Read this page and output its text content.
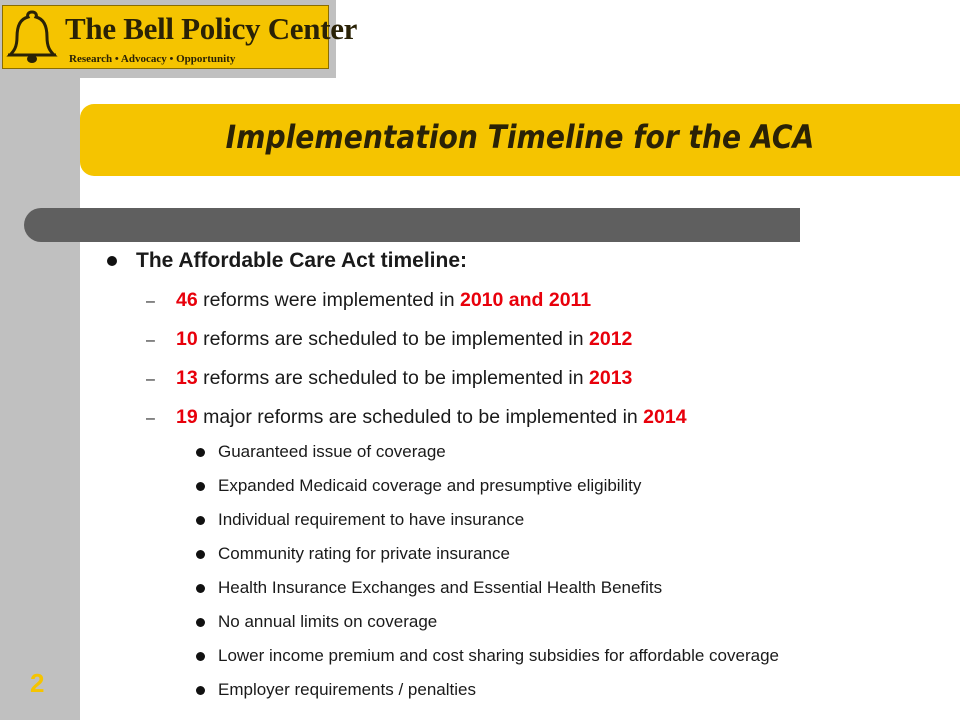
The Bell Policy Center
Research • Advocacy • Opportunity
Implementation Timeline for the ACA
The Affordable Care Act timeline:
– 46 reforms were implemented in 2010 and 2011
– 10 reforms are scheduled to be implemented in 2012
– 13 reforms are scheduled to be implemented in 2013
– 19 major reforms are scheduled to be implemented in 2014
Guaranteed issue of coverage
Expanded Medicaid coverage and presumptive eligibility
Individual requirement to have insurance
Community rating for private insurance
Health Insurance Exchanges and Essential Health Benefits
No annual limits on coverage
Lower income premium and cost sharing subsidies for affordable coverage
Employer requirements / penalties
2
